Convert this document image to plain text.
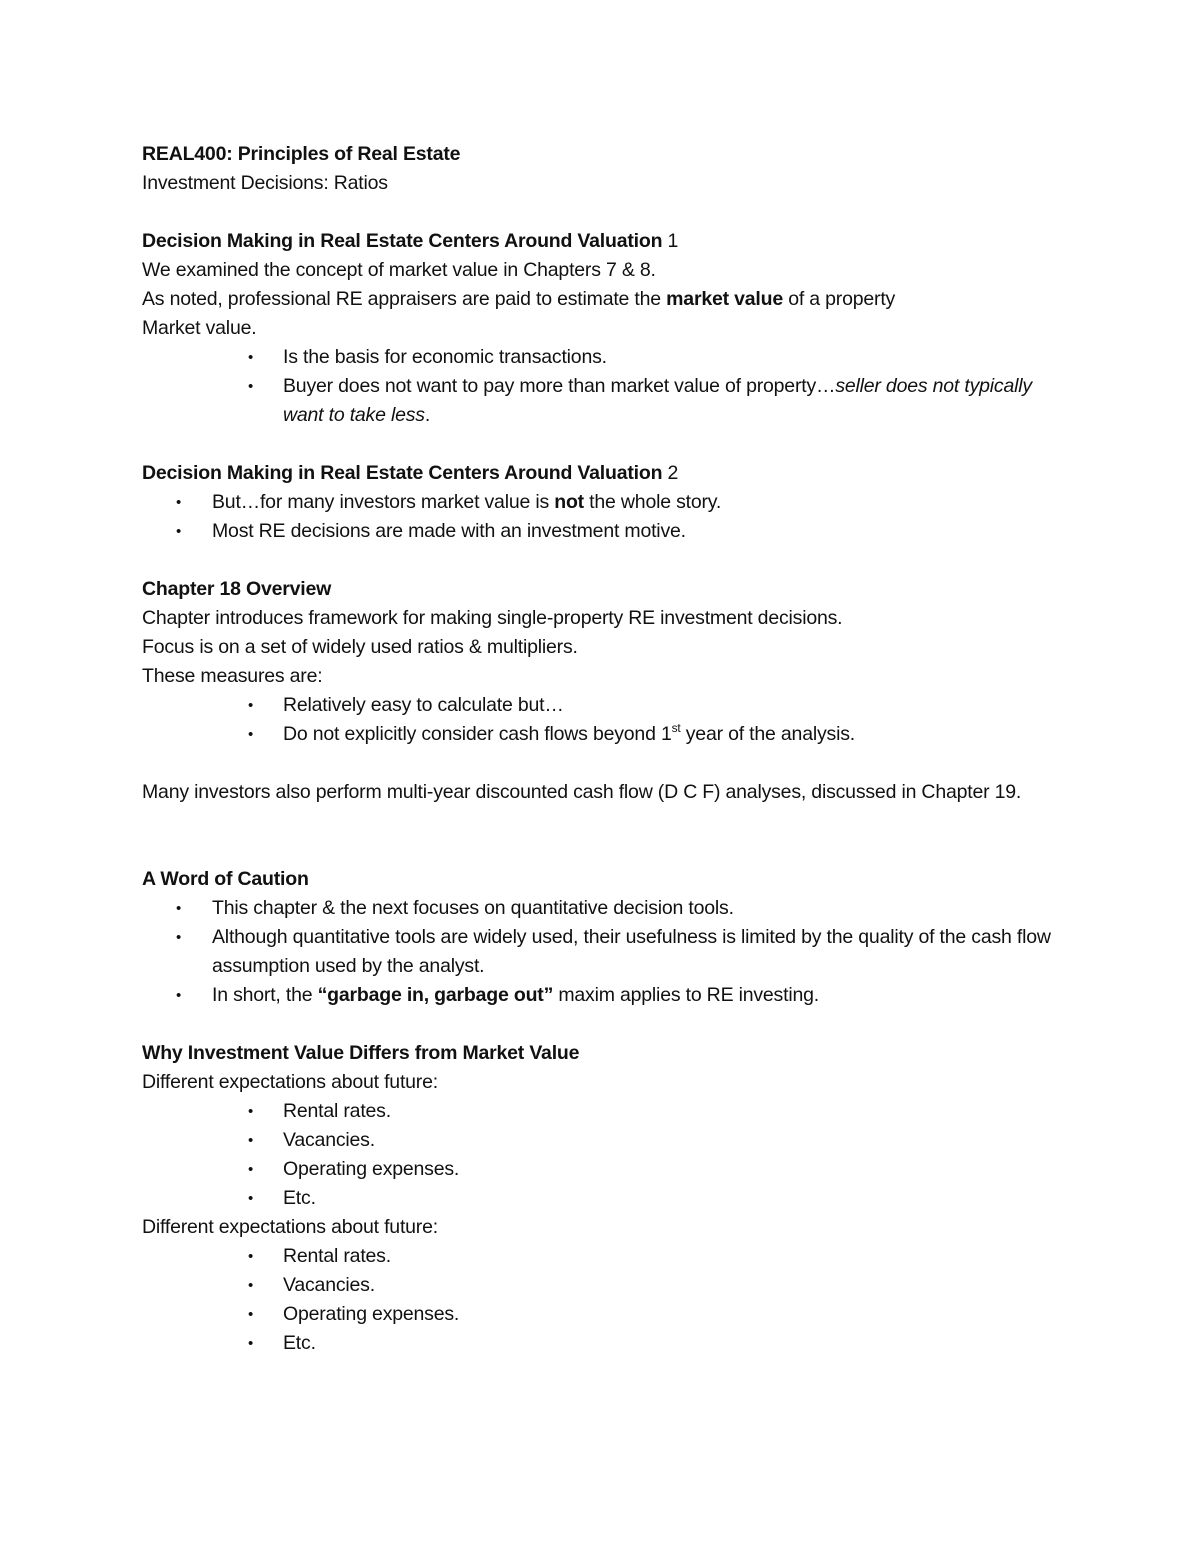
REAL400: Principles of Real Estate

Investment Decisions: Ratios

Decision Making in Real Estate Centers Around Valuation 1

We examined the concept of market value in Chapters 7 & 8.

As noted, professional RE appraisers are paid to estimate the market value of a property

Market value.

• Is the basis for economic transactions.
• Buyer does not want to pay more than market value of property…seller does not typically want to take less.

Decision Making in Real Estate Centers Around Valuation 2

• But…for many investors market value is not the whole story.
• Most RE decisions are made with an investment motive.

Chapter 18 Overview

Chapter introduces framework for making single-property RE investment decisions.

Focus is on a set of widely used ratios & multipliers.

These measures are:

• Relatively easy to calculate but…
• Do not explicitly consider cash flows beyond 1st year of the analysis.

Many investors also perform multi-year discounted cash flow (D C F) analyses, discussed in Chapter 19.

A Word of Caution

• This chapter & the next focuses on quantitative decision tools.
• Although quantitative tools are widely used, their usefulness is limited by the quality of the cash flow assumption used by the analyst.
• In short, the “garbage in, garbage out” maxim applies to RE investing.

Why Investment Value Differs from Market Value

Different expectations about future:

• Rental rates.
• Vacancies.
• Operating expenses.
• Etc.

Different expectations about future:

• Rental rates.
• Vacancies.
• Operating expenses.
• Etc.
